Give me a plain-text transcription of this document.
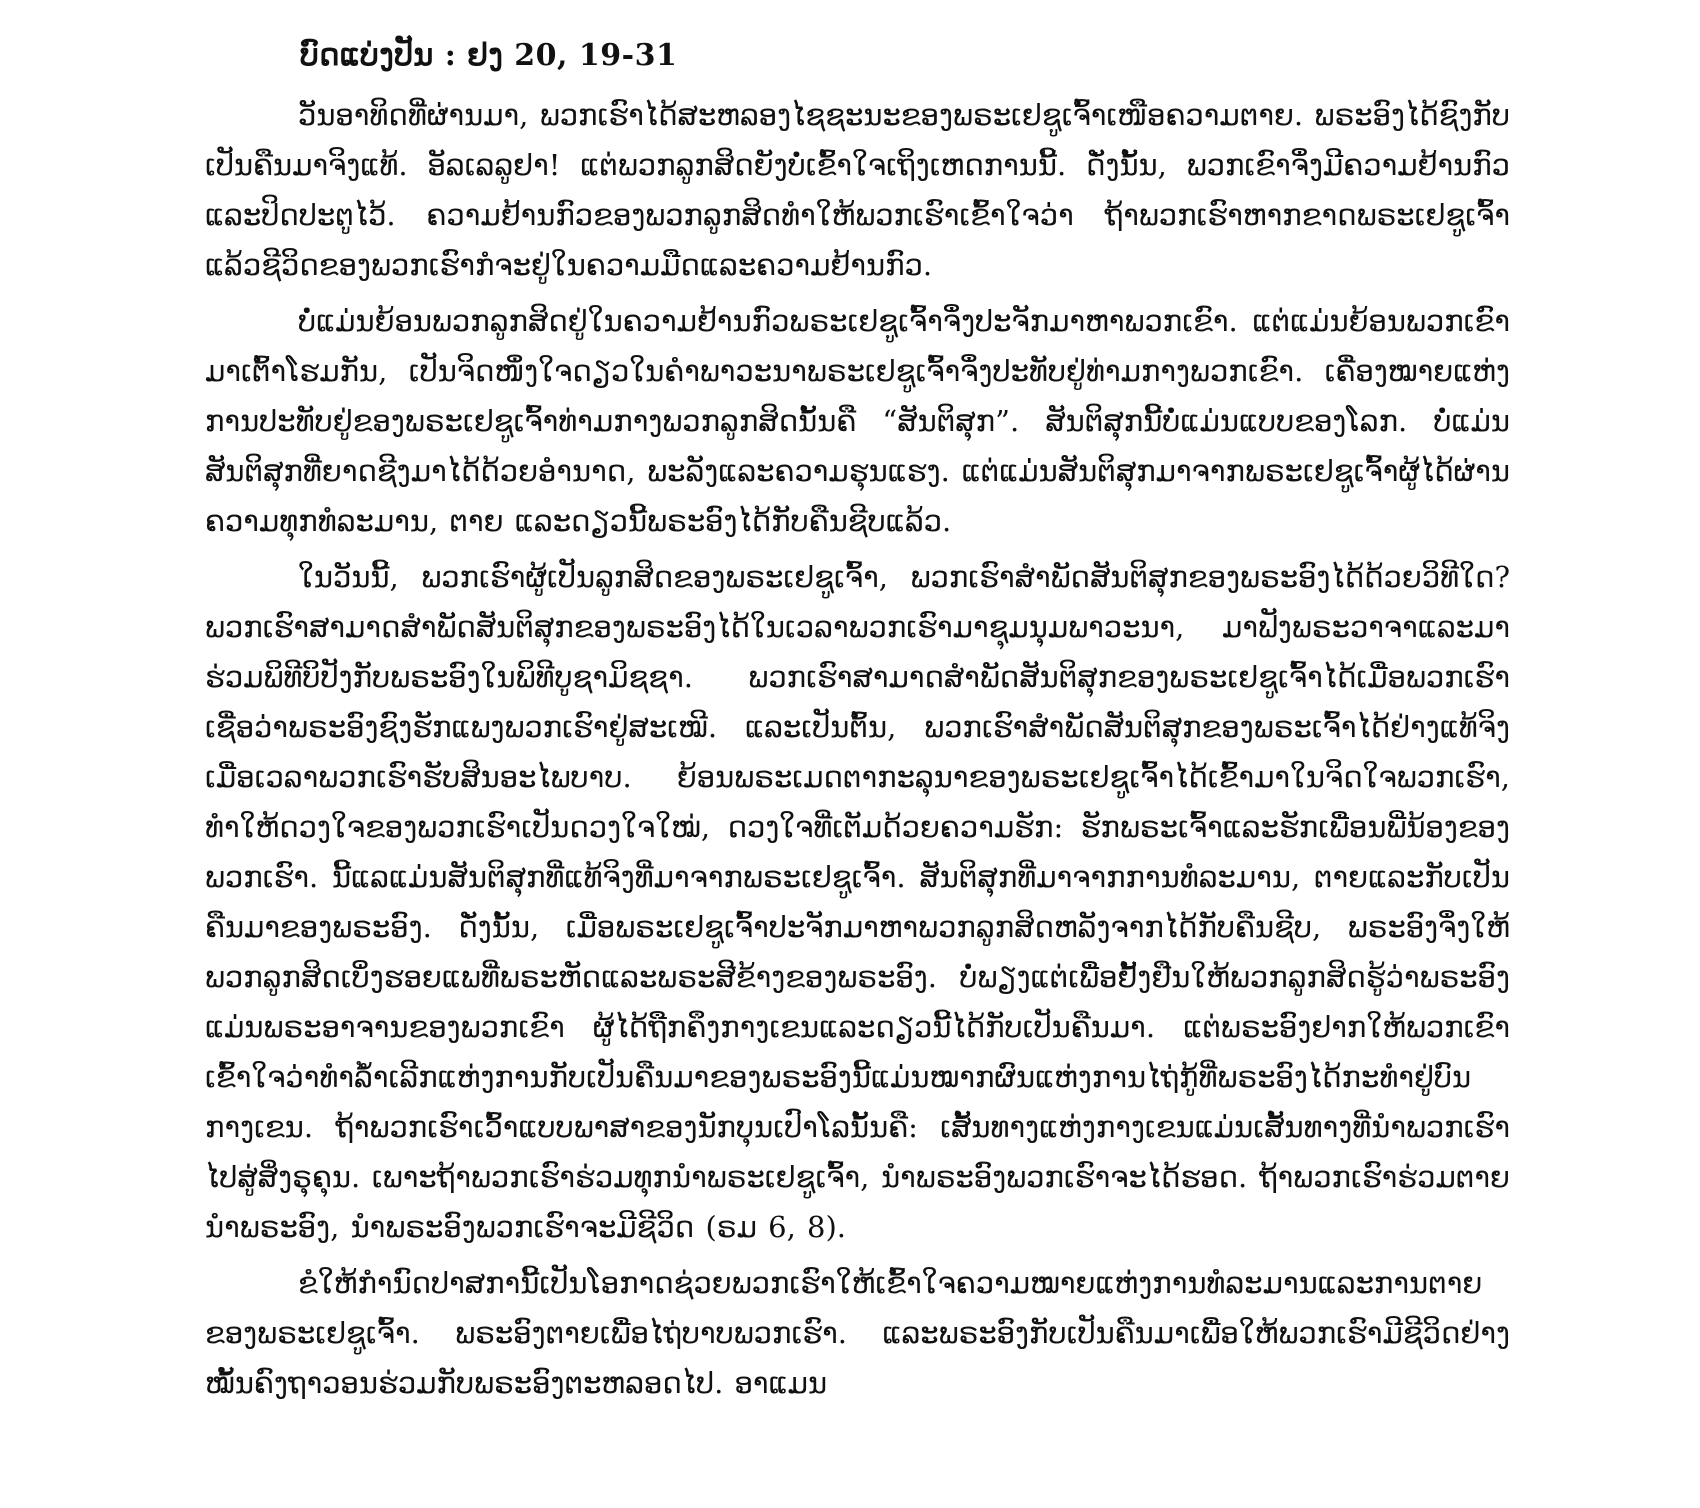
ບົດແບ່ງປັນ : ຢງ 20, 19-31

ວັນອາທິດທີ່ຜ່ານມາ, ພວກເຮົາໄດ້ສະຫລອງໄຊຊະນະຂອງພຣະເຢຊູເຈົ້າເໜືອຄວາມຕາຍ. ພຣະອົງໄດ້ຊົງກັບເປັນຄືນມາຈິງແທ້. ອັລເລລູຢາ! ແຕ່ພວກລູກສິດຍັງບໍ່ເຂົ້າໃຈເຖິງເຫດການນີ້. ດັ່ງນັ້ນ, ພວກເຂົາຈຶ່ງມີຄວາມຢ້ານກົວແລະປິດປະຕູໄວ້. ຄວາມຢ້ານກົວຂອງພວກລູກສິດທຳໃຫ້ພວກເຮົາເຂົ້າໃຈວ່າ ຖ້າພວກເຮົາຫາກຂາດພຣະເຢຊູເຈົ້າແລ້ວຊີວິດຂອງພວກເຮົາກໍຈະຢູ່ໃນຄວາມມືດແລະຄວາມຢ້ານກົວ.

ບໍ່ແມ່ນຍ້ອນພວກລູກສິດຢູ່ໃນຄວາມຢ້ານກົວພຣະເຢຊູເຈົ້າຈຶ່ງປະຈັກມາຫາພວກເຂົາ. ແຕ່ແມ່ນຍ້ອນພວກເຂົາມາເຕົ້າໂຮມກັນ, ເປັນຈິດໜຶ່ງໃຈດຽວໃນຄຳພາວະນາພຣະເຢຊູເຈົ້າຈຶ່ງປະທັບຢູ່ທ່າມກາງພວກເຂົາ. ເຄື່ອງໝາຍແຫ່ງການປະທັບຢູ່ຂອງພຣະເຢຊູເຈົ້າທ່າມກາງພວກລູກສິດນັ້ນຄື “ສັນຕິສຸກ”. ສັນຕິສຸກນີ້ບໍ່ແມ່ນແບບຂອງໂລກ. ບໍ່ແມ່ນສັນຕິສຸກທີ່ຍາດຊີງມາໄດ້ດ້ວຍອຳນາດ, ພະລັງແລະຄວາມຮຸນແຮງ. ແຕ່ແມ່ນສັນຕິສຸກມາຈາກພຣະເຢຊູເຈົ້າຜູ້ໄດ້ຜ່ານຄວາມທຸກທໍລະມານ, ຕາຍ ແລະດຽວນີ້ພຣະອົງໄດ້ກັບຄືນຊີບແລ້ວ.

ໃນວັນນີ້, ພວກເຮົາຜູ້ເປັນລູກສິດຂອງພຣະເຢຊູເຈົ້າ, ພວກເຮົາສຳພັດສັນຕິສຸກຂອງພຣະອົງໄດ້ດ້ວຍວິທີໃດ? ພວກເຮົາສາມາດສຳພັດສັນຕິສຸກຂອງພຣະອົງໄດ້ໃນເວລາພວກເຮົາມາຊຸມນຸມພາວະນາ, ມາຟັງພຣະວາຈາແລະມາຮ່ວມພິທີບິປັງກັບພຣະອົງໃນພິທີບູຊາມິຊຊາ. ພວກເຮົາສາມາດສຳພັດສັນຕິສຸກຂອງພຣະເຢຊູເຈົ້າໄດ້ເມື່ອພວກເຮົາເຊື່ອວ່າພຣະອົງຊົງຮັກແພງພວກເຮົາຢູ່ສະເໝີ. ແລະເປັນຕົ້ນ, ພວກເຮົາສຳພັດສັນຕິສຸກຂອງພຣະເຈົ້າໄດ້ຢ່າງແທ້ຈິງເມື່ອເວລາພວກເຮົາຮັບສິນອະໄພບາບ. ຍ້ອນພຣະເມດຕາກະລຸນາຂອງພຣະເຢຊູເຈົ້າໄດ້ເຂົ້າມາໃນຈິດໃຈພວກເຮົາ, ທຳໃຫ້ດວງໃຈຂອງພວກເຮົາເປັນດວງໃຈໃໝ່, ດວງໃຈທີ່ເຕັມດ້ວຍຄວາມຮັກ: ຮັກພຣະເຈົ້າແລະຮັກເພື່ອນພີ່ນ້ອງຂອງພວກເຮົາ. ນີ້ແລແມ່ນສັນຕິສຸກທີ່ແທ້ຈິງທີ່ມາຈາກພຣະເຢຊູເຈົ້າ. ສັນຕິສຸກທີ່ມາຈາກການທໍລະມານ, ຕາຍແລະກັບເປັນຄືນມາຂອງພຣະອົງ. ດັ່ງນັ້ນ, ເມື່ອພຣະເຢຊູເຈົ້າປະຈັກມາຫາພວກລູກສິດຫລັງຈາກໄດ້ກັບຄືນຊີບ, ພຣະອົງຈຶ່ງໃຫ້ພວກລູກສິດເບິ່ງຮອຍແພທີ່ພຣະຫັດແລະພຣະສີຂ້າງຂອງພຣະອົງ. ບໍ່ພຽງແຕ່ເພື່ອຢັ້ງຢືນໃຫ້ພວກລູກສິດຮູ້ວ່າພຣະອົງແມ່ນພຣະອາຈານຂອງພວກເຂົາ ຜູ້ໄດ້ຖືກຄຶງກາງເຂນແລະດຽວນີ້ໄດ້ກັບເປັນຄືນມາ. ແຕ່ພຣະອົງຢາກໃຫ້ພວກເຂົາເຂົ້າໃຈວ່າທຳລ້ຳເລີກແຫ່ງການກັບເປັນຄືນມາຂອງພຣະອົງນີ້ແມ່ນໝາກຜົນແຫ່ງການໄຖ່ກູ້ທີ່ພຣະອົງໄດ້ກະທຳຢູ່ບົນກາງເຂນ. ຖ້າພວກເຮົາເວົ້າແບບພາສາຂອງນັກບຸນເປົາໂລນັ້ນຄື: ເສັ້ນທາງແຫ່ງກາງເຂນແມ່ນເສັ້ນທາງທີ່ນຳພວກເຮົາໄປສູ່ສິ່ງຣຸຄຸນ. ເພາະຖ້າພວກເຮົາຮ່ວມທຸກນຳພຣະເຢຊູເຈົ້າ, ນຳພຣະອົງພວກເຮົາຈະໄດ້ຮອດ. ຖ້າພວກເຮົາຮ່ວມຕາຍນຳພຣະອົງ, ນຳພຣະອົງພວກເຮົາຈະມີຊີວິດ (ຣມ 6, 8).

ຂໍໃຫ້ກຳນົດປາສການີ້ເປັນໂອກາດຊ່ວຍພວກເຮົາໃຫ້ເຂົ້າໃຈຄວາມໝາຍແຫ່ງການທໍລະມານແລະການຕາຍຂອງພຣະເຢຊູເຈົ້າ. ພຣະອົງຕາຍເພື່ອໄຖ່ບາບພວກເຮົາ. ແລະພຣະອົງກັບເປັນຄືນມາເພື່ອໃຫ້ພວກເຮົາມີຊີວິດຢ່າງໝັ້ນຄົງຖາວອນຮ່ວມກັບພຣະອົງຕະຫລອດໄປ. ອາແມນ
